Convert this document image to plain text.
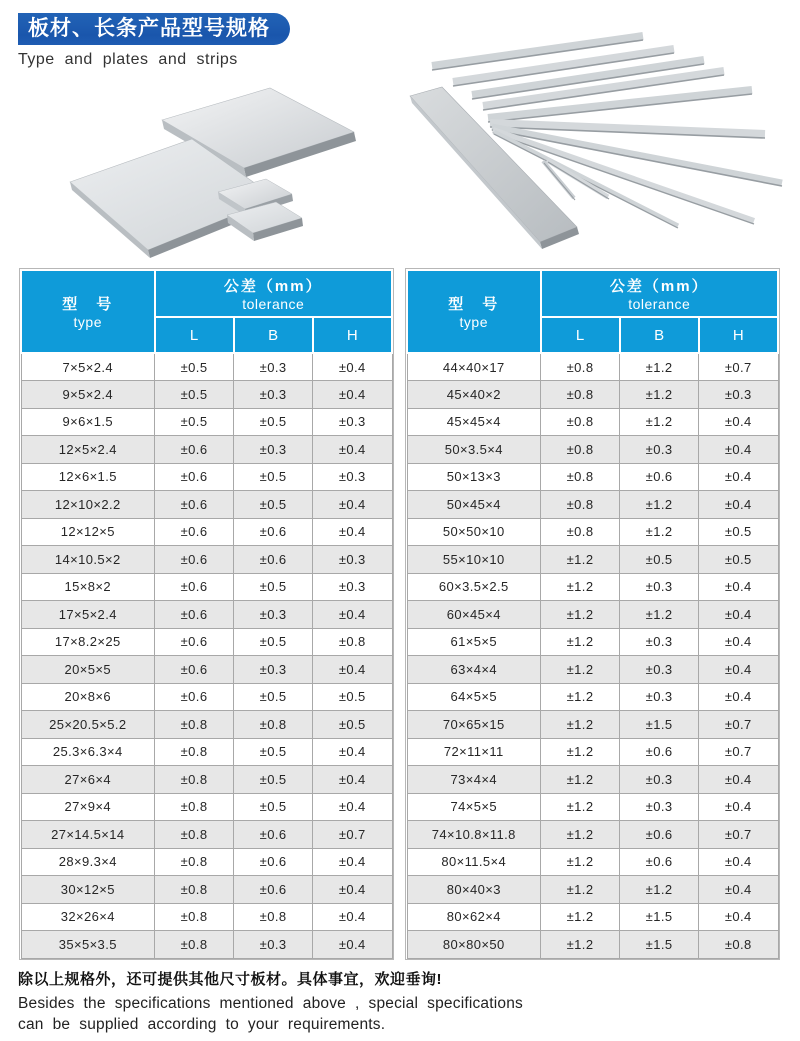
板材、长条产品型号规格
Type and plates and strips
型　号
type	公差（mm）
tolerance		

	L	B	H
7×5×2.4	±0.5	±0.3	±0.4
9×5×2.4	±0.5	±0.3	±0.4
9×6×1.5	±0.5	±0.5	±0.3
12×5×2.4	±0.6	±0.3	±0.4
12×6×1.5	±0.6	±0.5	±0.3
12×10×2.2	±0.6	±0.5	±0.4
12×12×5	±0.6	±0.6	±0.4
14×10.5×2	±0.6	±0.6	±0.3
15×8×2	±0.6	±0.5	±0.3
17×5×2.4	±0.6	±0.3	±0.4
17×8.2×25	±0.6	±0.5	±0.8
20×5×5	±0.6	±0.3	±0.4
20×8×6	±0.6	±0.5	±0.5
25×20.5×5.2	±0.8	±0.8	±0.5
25.3×6.3×4	±0.8	±0.5	±0.4
27×6×4	±0.8	±0.5	±0.4
27×9×4	±0.8	±0.5	±0.4
27×14.5×14	±0.8	±0.6	±0.7
28×9.3×4	±0.8	±0.6	±0.4
30×12×5	±0.8	±0.6	±0.4
32×26×4	±0.8	±0.8	±0.4
35×5×3.5	±0.8	±0.3	±0.4
型　号
type	公差（mm）
tolerance		

	L	B	H
44×40×17	±0.8	±1.2	±0.7
45×40×2	±0.8	±1.2	±0.3
45×45×4	±0.8	±1.2	±0.4
50×3.5×4	±0.8	±0.3	±0.4
50×13×3	±0.8	±0.6	±0.4
50×45×4	±0.8	±1.2	±0.4
50×50×10	±0.8	±1.2	±0.5
55×10×10	±1.2	±0.5	±0.5
60×3.5×2.5	±1.2	±0.3	±0.4
60×45×4	±1.2	±1.2	±0.4
61×5×5	±1.2	±0.3	±0.4
63×4×4	±1.2	±0.3	±0.4
64×5×5	±1.2	±0.3	±0.4
70×65×15	±1.2	±1.5	±0.7
72×11×11	±1.2	±0.6	±0.7
73×4×4	±1.2	±0.3	±0.4
74×5×5	±1.2	±0.3	±0.4
74×10.8×11.8	±1.2	±0.6	±0.7
80×11.5×4	±1.2	±0.6	±0.4
80×40×3	±1.2	±1.2	±0.4
80×62×4	±1.2	±1.5	±0.4
80×80×50	±1.2	±1.5	±0.8
除以上规格外，还可提供其他尺寸板材。具体事宜，欢迎垂询!
Besides the specifications mentioned above , special specifications
can be supplied according to your requirements.
